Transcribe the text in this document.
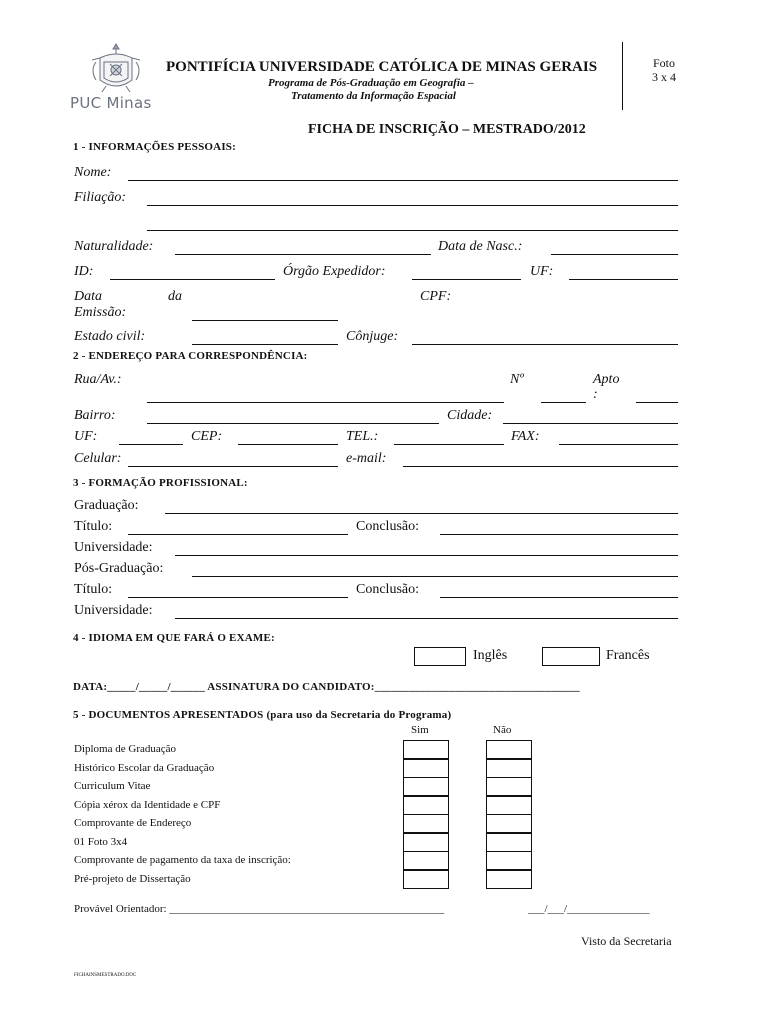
PUC Minas
PONTIFÍCIA UNIVERSIDADE CATÓLICA DE MINAS GERAIS
Programa de Pós-Graduação em Geografia –
Tratamento da Informação Espacial
Foto
3 x 4
FICHA DE INSCRIÇÃO – MESTRADO/2012
1 - INFORMAÇÕES PESSOAIS:
Nome:
Filiação:
Naturalidade:	Data de Nasc.:
ID:	Órgão Expedidor:	UF:
Data	da	CPF:
Emissão:
Estado civil:	Cônjuge:
2 - ENDEREÇO PARA CORRESPONDÊNCIA:
Rua/Av.:	Nº	Apto
:
Bairro:	Cidade:
UF:	CEP:	TEL.:	FAX:
Celular:	e-mail:
3 - FORMAÇÃO PROFISSIONAL:
Graduação:
Título:	Conclusão:
Universidade:
Pós-Graduação:
Título:	Conclusão:
Universidade:
4 - IDIOMA EM QUE FARÁ O EXAME:
Inglês	Francês
DATA:_____/_____/______ ASSINATURA DO CANDIDATO:____________________________________
5 - DOCUMENTOS APRESENTADOS (para uso da Secretaria do Programa)
Sim	Não
Diploma de Graduação
Histórico Escolar da Graduação
Curriculum Vitae
Cópia xérox da Identidade e CPF
Comprovante de Endereço
01 Foto 3x4
Comprovante de pagamento da taxa de inscrição:
Pré-projeto de Dissertação
Provável Orientador: __________________________________________________	___/___/_______________
Visto da Secretaria
FICHAINSMESTRADO.DOC
